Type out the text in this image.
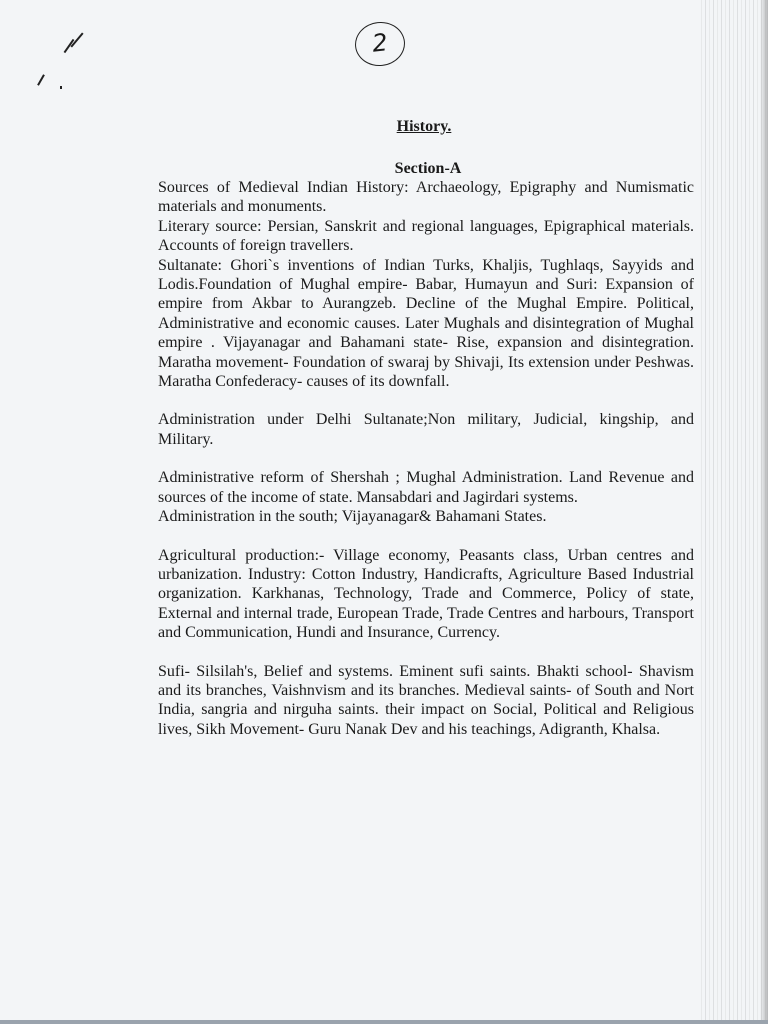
2
History.
Section-A

Sources of Medieval Indian History: Archaeology, Epigraphy and Numismatic materials and monuments.

Literary source: Persian, Sanskrit and regional languages, Epigraphical materials. Accounts of foreign travellers.

Sultanate: Ghori`s inventions of Indian Turks, Khaljis, Tughlaqs, Sayyids and Lodis.Foundation of Mughal empire- Babar, Humayun and Suri: Expansion of empire from Akbar to Aurangzeb. Decline of the Mughal Empire. Political, Administrative and economic causes. Later Mughals and disintegration of Mughal empire . Vijayanagar and Bahamani state- Rise, expansion and disintegration. Maratha movement- Foundation of swaraj by Shivaji, Its extension under Peshwas. Maratha Confederacy- causes of its downfall.

Administration under Delhi Sultanate;Non military, Judicial, kingship, and Military.

Administrative reform of Shershah ; Mughal Administration. Land Revenue and sources of the income of state. Mansabdari and Jagirdari systems.

Administration in the south; Vijayanagar& Bahamani States.

Agricultural production:- Village economy, Peasants class, Urban centres and urbanization. Industry: Cotton Industry, Handicrafts, Agriculture Based Industrial organization. Karkhanas, Technology, Trade and Commerce, Policy of state, External and internal trade, European Trade, Trade Centres and harbours, Transport and Communication, Hundi and Insurance, Currency.

Sufi- Silsilah's, Belief and systems. Eminent sufi saints. Bhakti school- Shavism and its branches, Vaishnvism and its branches. Medieval saints- of South and Nort India, sangria and nirguha saints. their impact on Social, Political and Religious lives, Sikh Movement- Guru Nanak Dev and his teachings, Adigranth, Khalsa.
